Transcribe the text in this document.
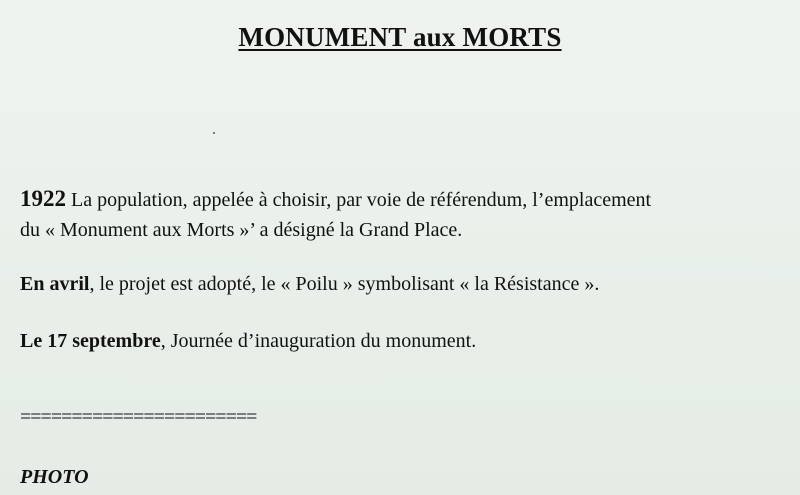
MONUMENT aux MORTS
1922 La population, appelée à choisir, par voie de référendum, l’emplacement
du « Monument aux Morts »’ a désigné la Grand Place.
En avril, le projet est adopté, le « Poilu » symbolisant « la Résistance ».
Le 17 septembre, Journée d’inauguration du monument.
=======================
PHOTO
